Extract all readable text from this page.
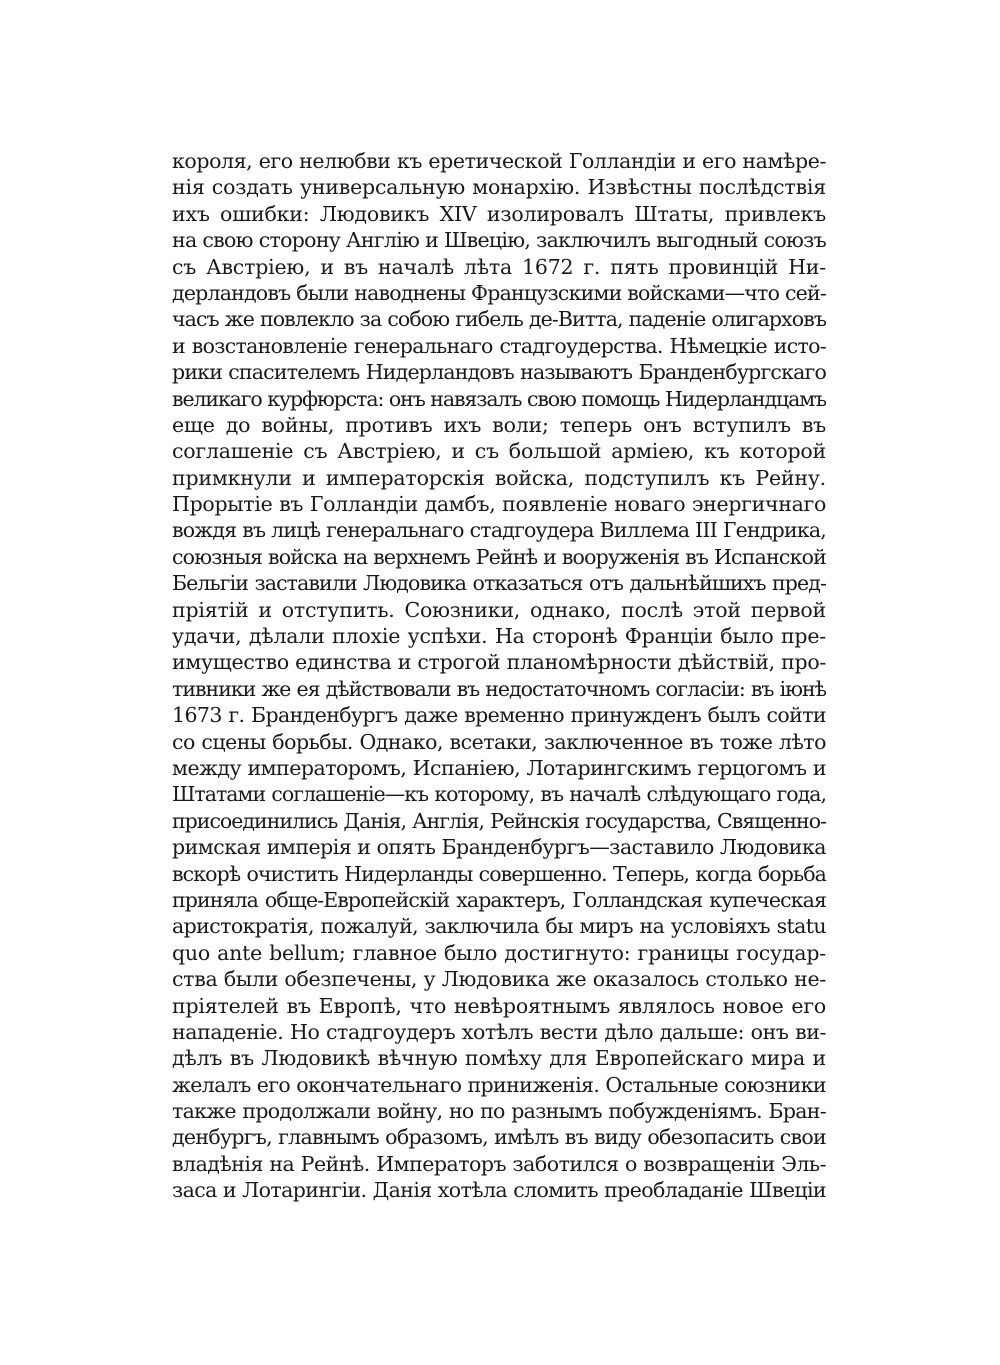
короля, его нелюбви къ еретической Голландіи и его намѣре-
нія создать универсальную монархію. Извѣстны послѣдствія
ихъ ошибки: Людовикъ XIV изолировалъ Штаты, привлекъ
на свою сторону Англію и Швецію, заключилъ выгодный союзъ
съ Австріею, и въ началѣ лѣта 1672 г. пять провинцій Ни-
дерландовъ были наводнены Французскими войсками—что сей-
часъ же повлекло за собою гибель де-Витта, паденіе олигарховъ
и возстановленіе генеральнаго стадгоудерства. Нѣмецкіе исто-
рики спасителемъ Нидерландовъ называютъ Бранденбургскаго
великаго курфюрста: онъ навязалъ свою помощь Нидерландцамъ
еще до войны, противъ ихъ воли; теперь онъ вступилъ въ
соглашеніе съ Австріею, и съ большой арміею, къ которой
примкнули и императорскія войска, подступилъ къ Рейну.
Прорытіе въ Голландіи дамбъ, появленіе новаго энергичнаго
вождя въ лицѣ генеральнаго стадгоудера Виллема III Гендрика,
союзныя войска на верхнемъ Рейнѣ и вооруженія въ Испанской
Бельгіи заставили Людовика отказаться отъ дальнѣйшихъ пред-
пріятій и отступить. Союзники, однако, послѣ этой первой
удачи, дѣлали плохіе успѣхи. На сторонѣ Франціи было пре-
имущество единства и строгой планомѣрности дѣйствій, про-
тивники же ея дѣйствовали въ недостаточномъ согласіи: въ іюнѣ
1673 г. Бранденбургъ даже временно принужденъ былъ сойти
со сцены борьбы. Однако, всетаки, заключенное въ тоже лѣто
между императоромъ, Испаніею, Лотарингскимъ герцогомъ и
Штатами соглашеніе—къ которому, въ началѣ слѣдующаго года,
присоединились Данія, Англія, Рейнскія государства, Священно-
римская имперія и опять Бранденбургъ—заставило Людовика
вскорѣ очистить Нидерланды совершенно. Теперь, когда борьба
приняла обще-Европейскій характеръ, Голландская купеческая
аристократія, пожалуй, заключила бы миръ на условіяхъ statu
quo ante bellum; главное было достигнуто: границы государ-
ства были обезпечены, у Людовика же оказалось столько не-
пріятелей въ Европѣ, что невѣроятнымъ являлось новое его
нападеніе. Но стадгоудеръ хотѣлъ вести дѣло дальше: онъ ви-
дѣлъ въ Людовикѣ вѣчную помѣху для Европейскаго мира и
желалъ его окончательнаго приниженія. Остальные союзники
также продолжали войну, но по разнымъ побужденіямъ. Бран-
денбургъ, главнымъ образомъ, имѣлъ въ виду обезопасить свои
владѣнія на Рейнѣ. Императоръ заботился о возвращеніи Эль-
заса и Лотарингіи. Данія хотѣла сломить преобладаніе Швеціи
